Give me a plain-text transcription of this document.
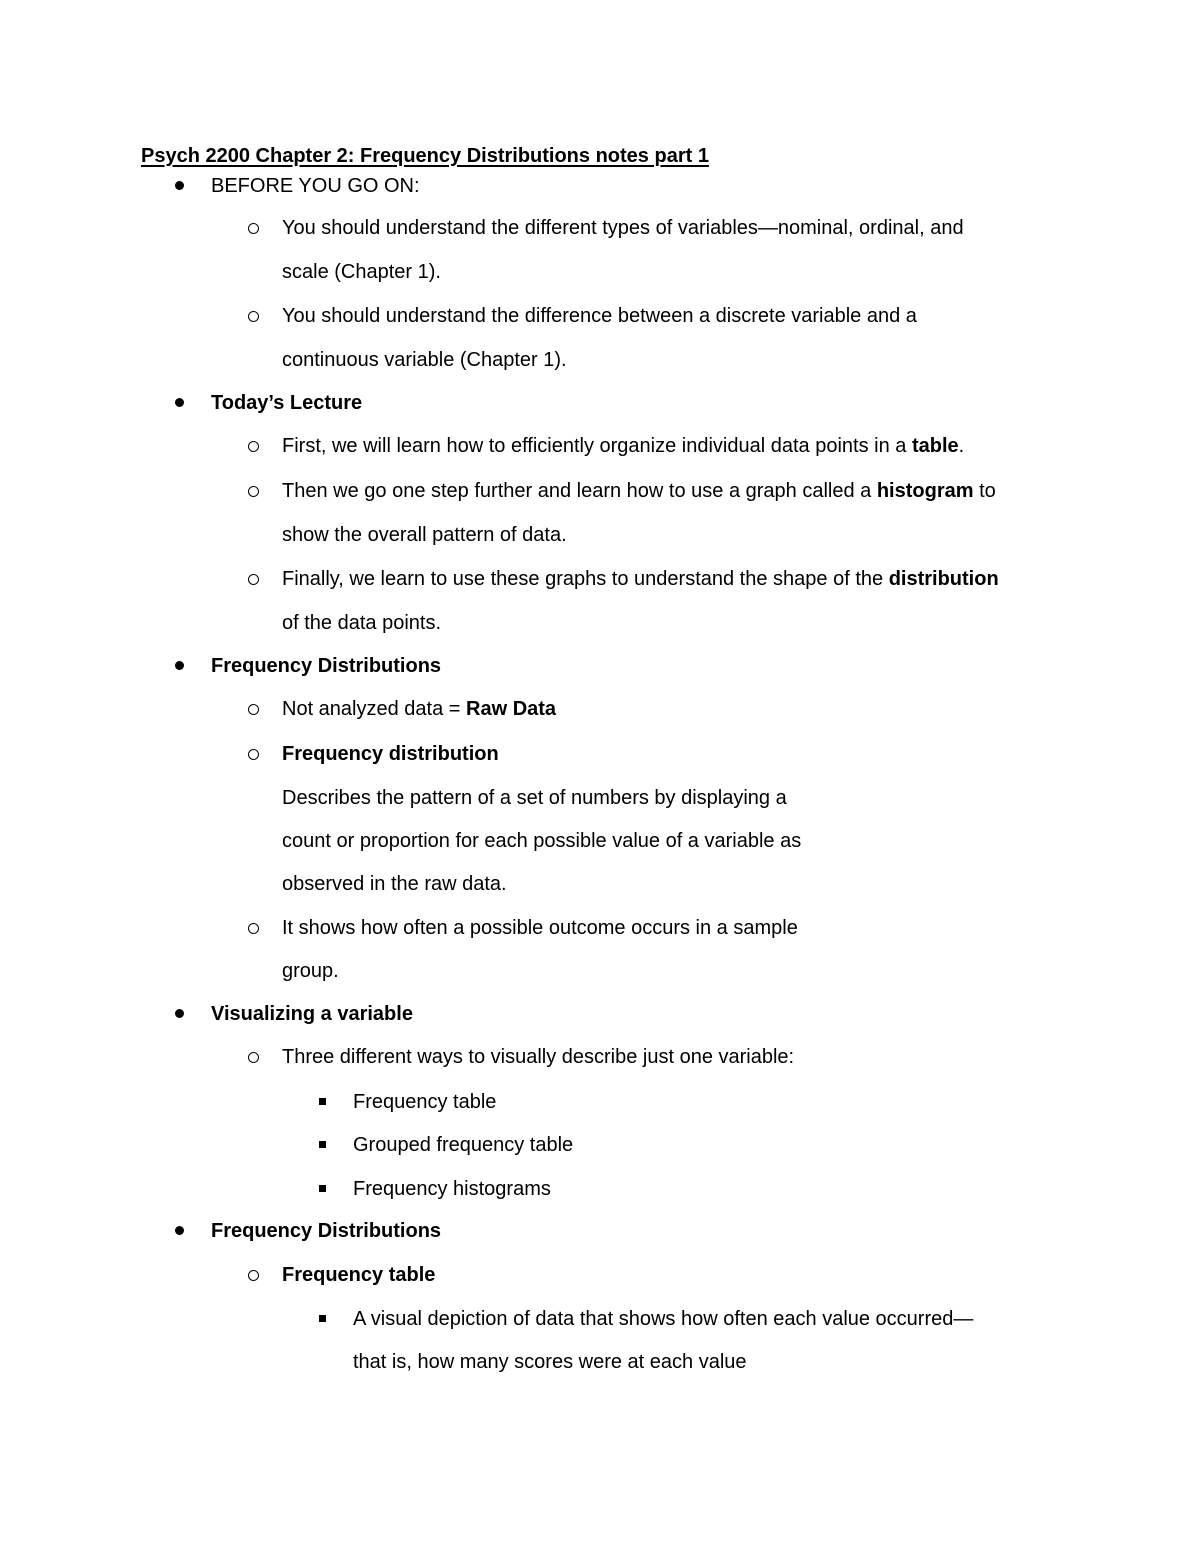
Psych 2200 Chapter 2: Frequency Distributions notes part 1
BEFORE YOU GO ON:
You should understand the different types of variables—nominal, ordinal, and
scale (Chapter 1).
You should understand the difference between a discrete variable and a
continuous variable (Chapter 1).
Today’s Lecture
First, we will learn how to efficiently organize individual data points in a table.
Then we go one step further and learn how to use a graph called a histogram to
show the overall pattern of data.
Finally, we learn to use these graphs to understand the shape of the distribution
of the data points.
Frequency Distributions
Not analyzed data = Raw Data
Frequency distribution
Describes the pattern of a set of numbers by displaying a
count or proportion for each possible value of a variable as
observed in the raw data.
It shows how often a possible outcome occurs in a sample
group.
Visualizing a variable
Three different ways to visually describe just one variable:
Frequency table
Grouped frequency table
Frequency histograms
Frequency Distributions
Frequency table
A visual depiction of data that shows how often each value occurred—
that is, how many scores were at each value
